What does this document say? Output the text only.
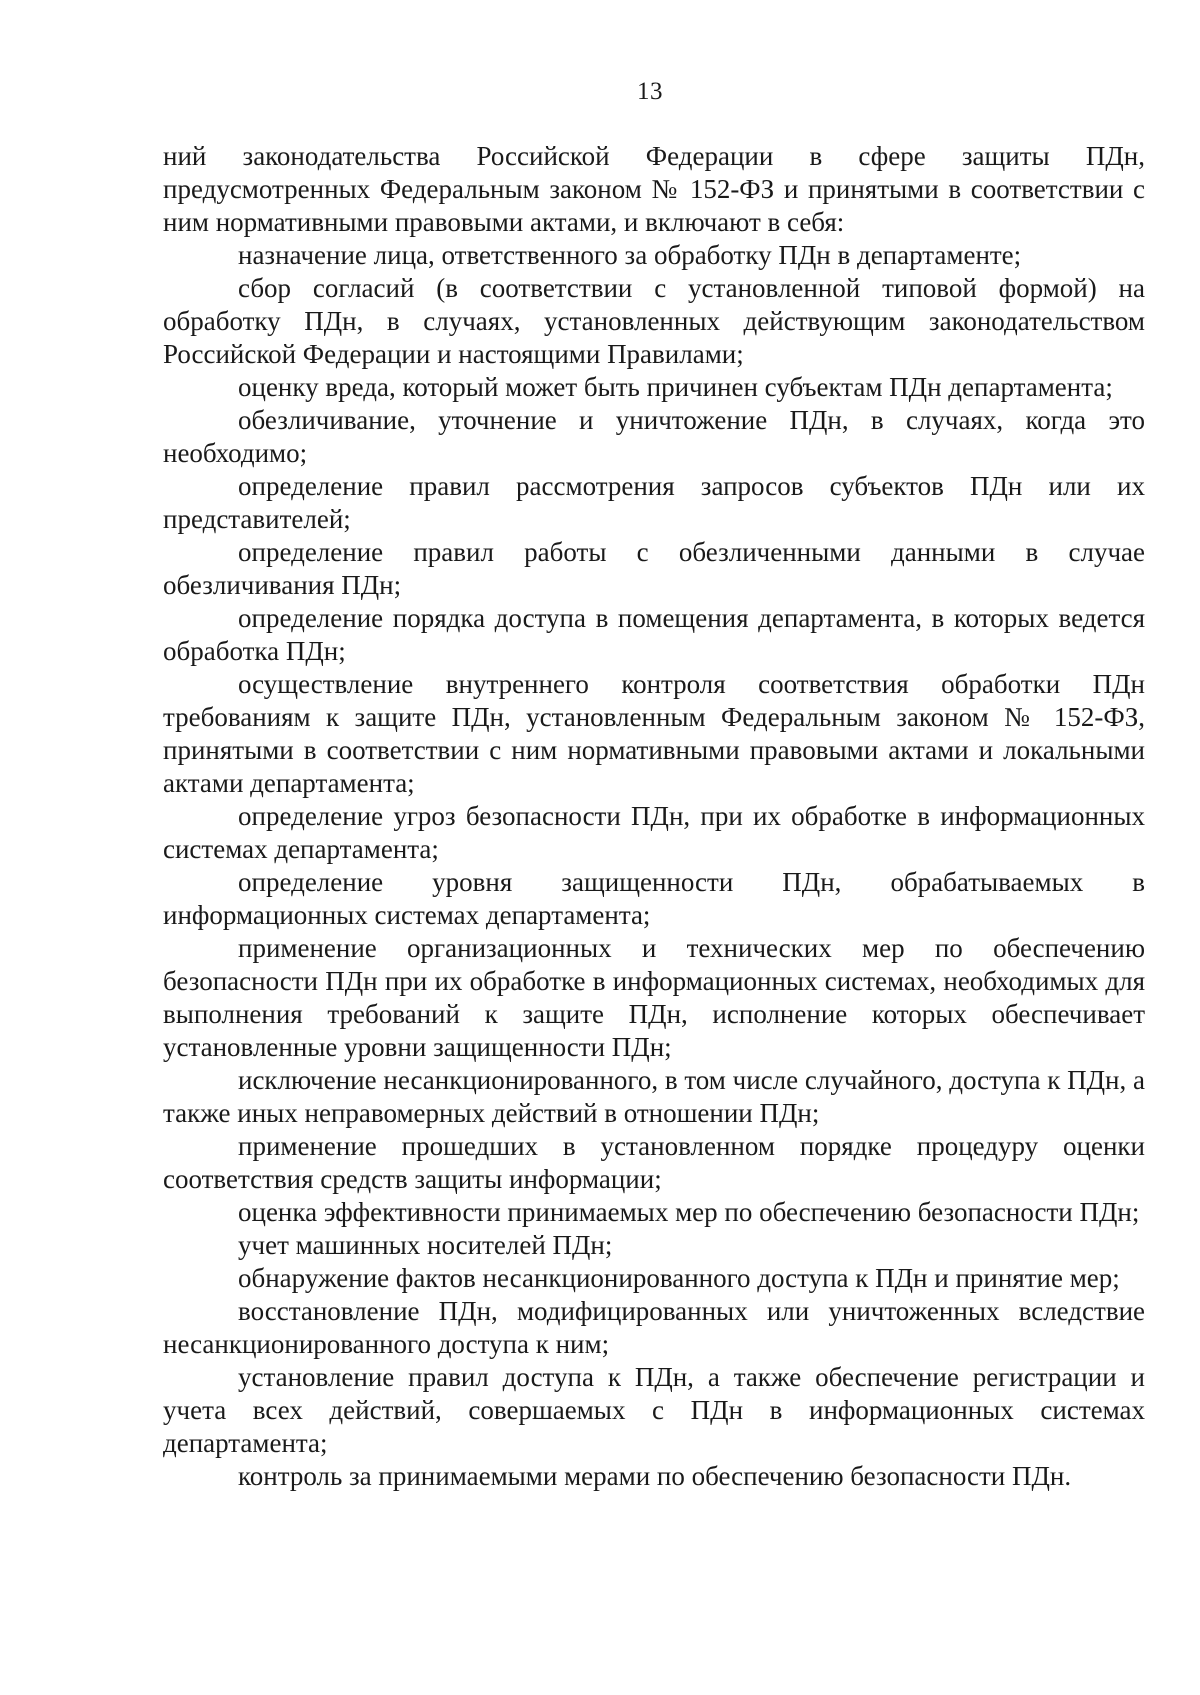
13

ний законодательства Российской Федерации в сфере защиты ПДн, предусмотренных Федеральным законом № 152-ФЗ и принятыми в соответствии с ним нормативными правовыми актами, и включают в себя:

назначение лица, ответственного за обработку ПДн в департаменте;

сбор согласий (в соответствии с установленной типовой формой) на обработку ПДн, в случаях, установленных действующим законодательством Российской Федерации и настоящими Правилами;

оценку вреда, который может быть причинен субъектам ПДн департамента;

обезличивание, уточнение и уничтожение ПДн, в случаях, когда это необходимо;

определение правил рассмотрения запросов субъектов ПДн или их представителей;

определение правил работы с обезличенными данными в случае обезличивания ПДн;

определение порядка доступа в помещения департамента, в которых ведется обработка ПДн;

осуществление внутреннего контроля соответствия обработки ПДн требованиям к защите ПДн, установленным Федеральным законом № 152-ФЗ, принятыми в соответствии с ним нормативными правовыми актами и локальными актами департамента;

определение угроз безопасности ПДн, при их обработке в информационных системах департамента;

определение уровня защищенности ПДн, обрабатываемых в информационных системах департамента;

применение организационных и технических мер по обеспечению безопасности ПДн при их обработке в информационных системах, необходимых для выполнения требований к защите ПДн, исполнение которых обеспечивает установленные уровни защищенности ПДн;

исключение несанкционированного, в том числе случайного, доступа к ПДн, а также иных неправомерных действий в отношении ПДн;

применение прошедших в установленном порядке процедуру оценки соответствия средств защиты информации;

оценка эффективности принимаемых мер по обеспечению безопасности ПДн;

учет машинных носителей ПДн;

обнаружение фактов несанкционированного доступа к ПДн и принятие мер;

восстановление ПДн, модифицированных или уничтоженных вследствие несанкционированного доступа к ним;

установление правил доступа к ПДн, а также обеспечение регистрации и учета всех действий, совершаемых с ПДн в информационных системах департамента;

контроль за принимаемыми мерами по обеспечению безопасности ПДн.
